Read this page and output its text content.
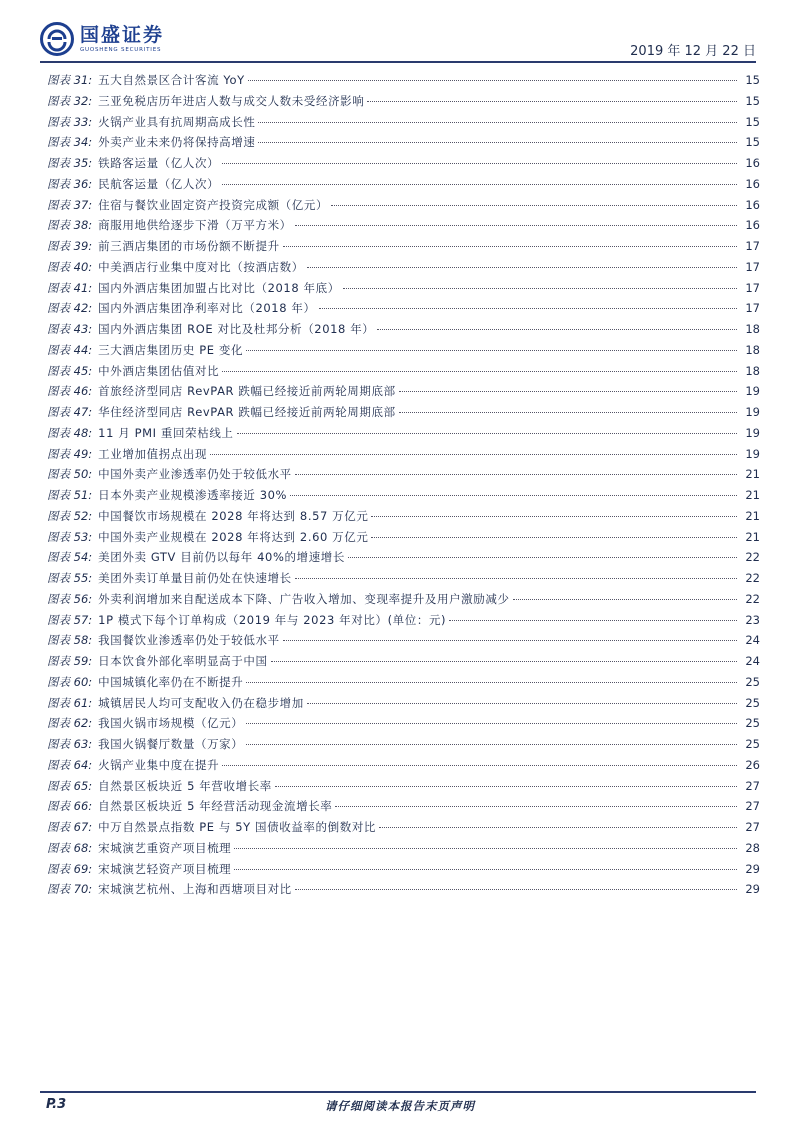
国盛证券
GUOSHENG SECURITIES	2019 年 12 月 22 日
图表 31: 五大自然景区合计客流 YoY	15
图表 32: 三亚免税店历年进店人数与成交人数未受经济影响	15
图表 33: 火锅产业具有抗周期高成长性	15
图表 34: 外卖产业未来仍将保持高增速	15
图表 35: 铁路客运量（亿人次）	16
图表 36: 民航客运量（亿人次）	16
图表 37: 住宿与餐饮业固定资产投资完成额（亿元）	16
图表 38: 商服用地供给逐步下滑（万平方米）	16
图表 39: 前三酒店集团的市场份额不断提升	17
图表 40: 中美酒店行业集中度对比（按酒店数）	17
图表 41: 国内外酒店集团加盟占比对比（2018 年底）	17
图表 42: 国内外酒店集团净利率对比（2018 年）	17
图表 43: 国内外酒店集团 ROE 对比及杜邦分析（2018 年）	18
图表 44: 三大酒店集团历史 PE 变化	18
图表 45: 中外酒店集团估值对比	18
图表 46: 首旅经济型同店 RevPAR 跌幅已经接近前两轮周期底部	19
图表 47: 华住经济型同店 RevPAR 跌幅已经接近前两轮周期底部	19
图表 48: 11 月 PMI 重回荣枯线上	19
图表 49: 工业增加值拐点出现	19
图表 50: 中国外卖产业渗透率仍处于较低水平	21
图表 51: 日本外卖产业规模渗透率接近 30%	21
图表 52: 中国餐饮市场规模在 2028 年将达到 8.57 万亿元	21
图表 53: 中国外卖产业规模在 2028 年将达到 2.60 万亿元	21
图表 54: 美团外卖 GTV 目前仍以每年 40%的增速增长	22
图表 55: 美团外卖订单量目前仍处在快速增长	22
图表 56: 外卖利润增加来自配送成本下降、广告收入增加、变现率提升及用户激励减少	22
图表 57: 1P 模式下每个订单构成（2019 年与 2023 年对比）(单位：元)	23
图表 58: 我国餐饮业渗透率仍处于较低水平	24
图表 59: 日本饮食外部化率明显高于中国	24
图表 60: 中国城镇化率仍在不断提升	25
图表 61: 城镇居民人均可支配收入仍在稳步增加	25
图表 62: 我国火锅市场规模（亿元）	25
图表 63: 我国火锅餐厅数量（万家）	25
图表 64: 火锅产业集中度在提升	26
图表 65: 自然景区板块近 5 年营收增长率	27
图表 66: 自然景区板块近 5 年经营活动现金流增长率	27
图表 67: 中万自然景点指数 PE 与 5Y 国债收益率的倒数对比	27
图表 68: 宋城演艺重资产项目梳理	28
图表 69: 宋城演艺轻资产项目梳理	29
图表 70: 宋城演艺杭州、上海和西塘项目对比	29
P.3	请仔细阅读本报告末页声明
